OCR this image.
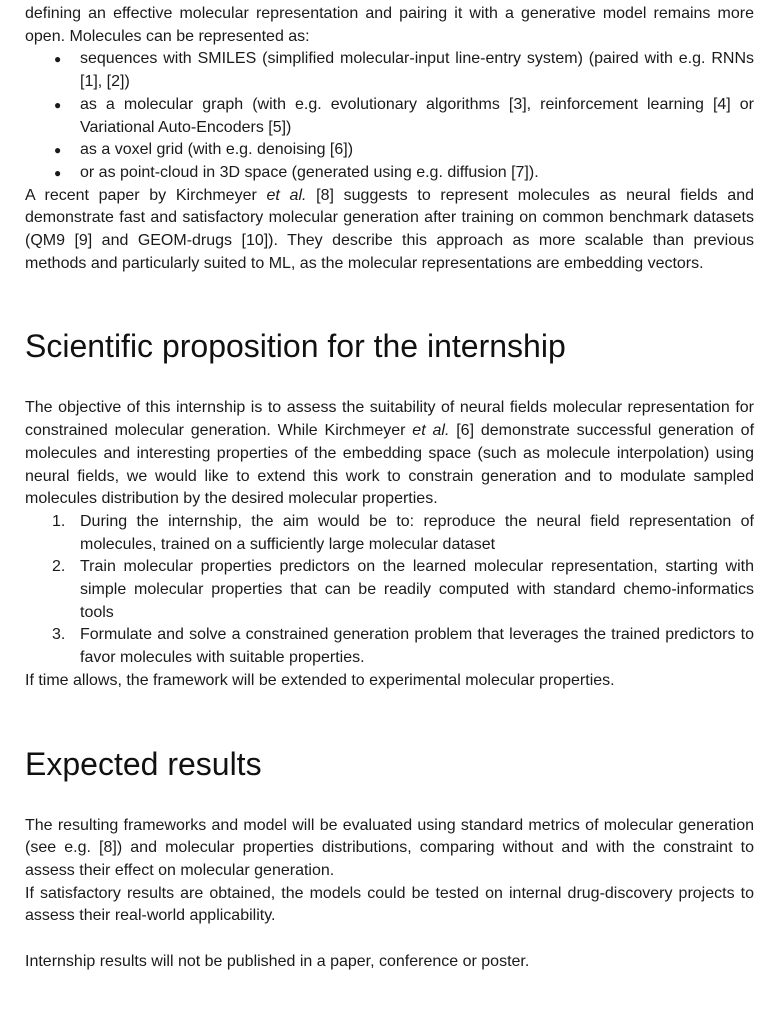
defining an effective molecular representation and pairing it with a generative model remains more open. Molecules can be represented as:

● sequences with SMILES (simplified molecular-input line-entry system) (paired with e.g. RNNs [1], [2])
● as a molecular graph (with e.g. evolutionary algorithms [3], reinforcement learning [4] or Variational Auto-Encoders [5])
● as a voxel grid (with e.g. denoising [6])
● or as point-cloud in 3D space (generated using e.g. diffusion [7]).

A recent paper by Kirchmeyer et al. [8] suggests to represent molecules as neural fields and demonstrate fast and satisfactory molecular generation after training on common benchmark datasets (QM9 [9] and GEOM-drugs [10]). They describe this approach as more scalable than previous methods and particularly suited to ML, as the molecular representations are embedding vectors.

Scientific proposition for the internship

The objective of this internship is to assess the suitability of neural fields molecular representation for constrained molecular generation. While Kirchmeyer et al. [6] demonstrate successful generation of molecules and interesting properties of the embedding space (such as molecule interpolation) using neural fields, we would like to extend this work to constrain generation and to modulate sampled molecules distribution by the desired molecular properties.

1. During the internship, the aim would be to: reproduce the neural field representation of molecules, trained on a sufficiently large molecular dataset
2. Train molecular properties predictors on the learned molecular representation, starting with simple molecular properties that can be readily computed with standard chemo-informatics tools
3. Formulate and solve a constrained generation problem that leverages the trained predictors to favor molecules with suitable properties.

If time allows, the framework will be extended to experimental molecular properties.

Expected results

The resulting frameworks and model will be evaluated using standard metrics of molecular generation (see e.g. [8]) and molecular properties distributions, comparing without and with the constraint to assess their effect on molecular generation.

If satisfactory results are obtained, the models could be tested on internal drug-discovery projects to assess their real-world applicability.

Internship results will not be published in a paper, conference or poster.
